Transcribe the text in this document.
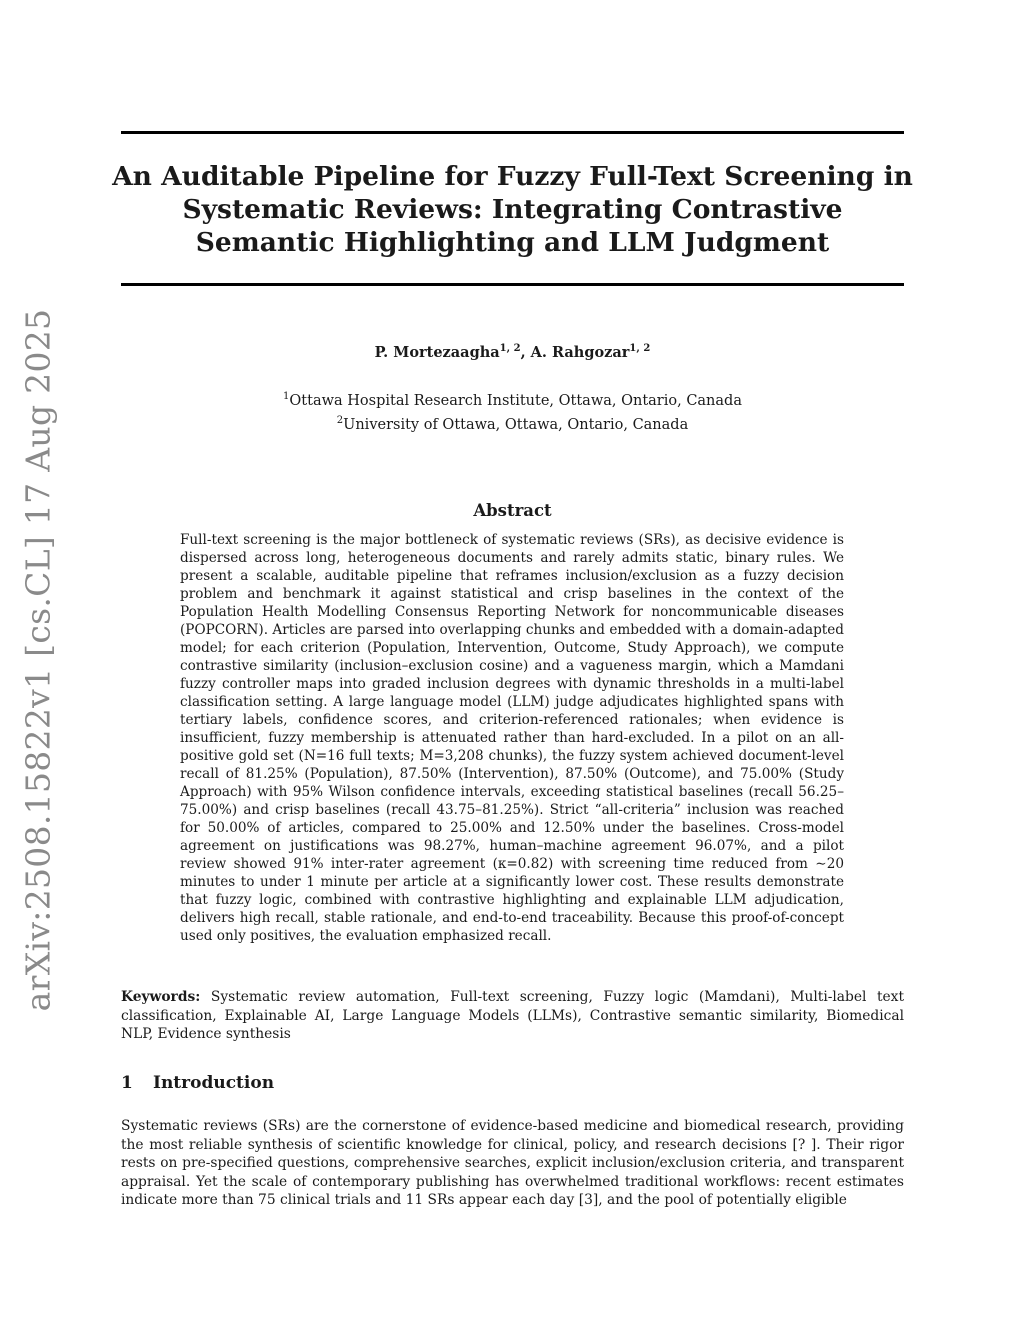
arXiv:2508.15822v1 [cs.CL] 17 Aug 2025
An Auditable Pipeline for Fuzzy Full-Text Screening in Systematic Reviews: Integrating Contrastive Semantic Highlighting and LLM Judgment
P. Mortezaagha$^{1, 2}$, A. Rahgozar$^{1, 2}$
$^1$Ottawa Hospital Research Institute, Ottawa, Ontario, Canada
$^2$University of Ottawa, Ottawa, Ontario, Canada
Abstract

Full-text screening is the major bottleneck of systematic reviews (SRs), as decisive evidence is dispersed across long, heterogeneous documents and rarely admits static, binary rules. We present a scalable, auditable pipeline that reframes inclusion/exclusion as a fuzzy decision problem and benchmark it against statistical and crisp baselines in the context of the Population Health Modelling Consensus Reporting Network for noncommunicable diseases (POPCORN). Articles are parsed into overlapping chunks and embedded with a domain-adapted model; for each criterion (Population, Intervention, Outcome, Study Approach), we compute contrastive similarity (inclusion–exclusion cosine) and a vagueness margin, which a Mamdani fuzzy controller maps into graded inclusion degrees with dynamic thresholds in a multi-label classification setting. A large language model (LLM) judge adjudicates highlighted spans with tertiary labels, confidence scores, and criterion-referenced rationales; when evidence is insufficient, fuzzy membership is attenuated rather than hard-excluded. In a pilot on an all-positive gold set (N=16 full texts; M=3,208 chunks), the fuzzy system achieved document-level recall of 81.25% (Population), 87.50% (Intervention), 87.50% (Outcome), and 75.00% (Study Approach) with 95% Wilson confidence intervals, exceeding statistical baselines (recall 56.25–75.00%) and crisp baselines (recall 43.75–81.25%). Strict “all-criteria” inclusion was reached for 50.00% of articles, compared to 25.00% and 12.50% under the baselines. Cross-model agreement on justifications was 98.27%, human–machine agreement 96.07%, and a pilot review showed 91% inter-rater agreement (κ=0.82) with screening time reduced from ∼20 minutes to under 1 minute per article at a significantly lower cost. These results demonstrate that fuzzy logic, combined with contrastive highlighting and explainable LLM adjudication, delivers high recall, stable rationale, and end-to-end traceability. Because this proof-of-concept used only positives, the evaluation emphasized recall.

Keywords: Systematic review automation, Full-text screening, Fuzzy logic (Mamdani), Multi-label text classification, Explainable AI, Large Language Models (LLMs), Contrastive semantic similarity, Biomedical NLP, Evidence synthesis

1 Introduction

Systematic reviews (SRs) are the cornerstone of evidence-based medicine and biomedical research, providing the most reliable synthesis of scientific knowledge for clinical, policy, and research decisions [? ]. Their rigor rests on pre-specified questions, comprehensive searches, explicit inclusion/exclusion criteria, and transparent appraisal. Yet the scale of contemporary publishing has overwhelmed traditional workflows: recent estimates indicate more than 75 clinical trials and 11 SRs appear each day [3], and the pool of potentially eligible
